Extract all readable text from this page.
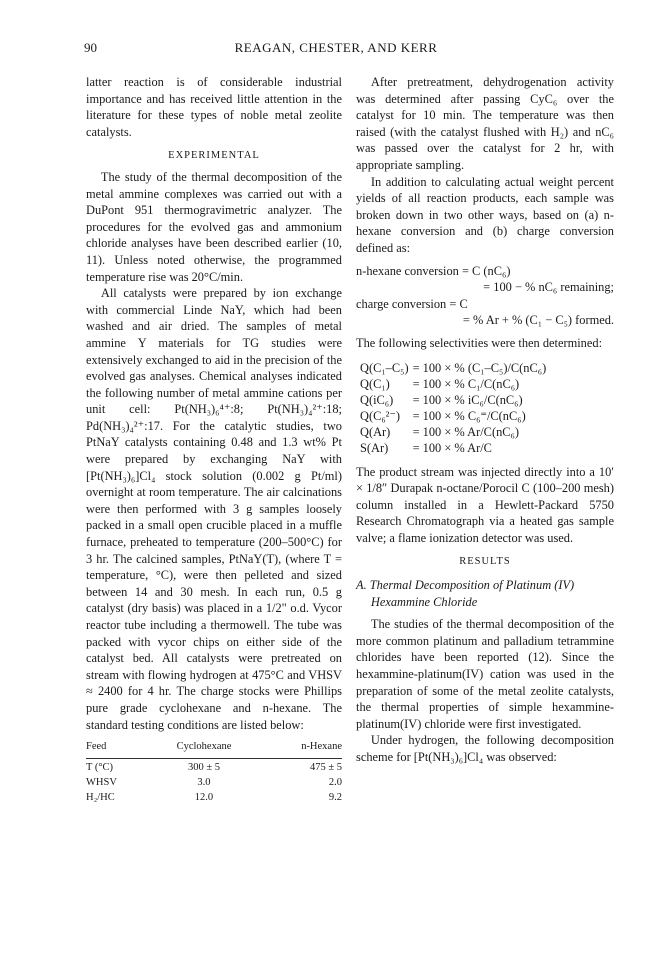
90	REAGAN, CHESTER, AND KERR

latter reaction is of considerable industrial importance and has received little attention in the literature for these types of noble metal zeolite catalysts.

EXPERIMENTAL

The study of the thermal decomposition of the metal ammine complexes was carried out with a DuPont 951 thermogravimetric analyzer. The procedures for the evolved gas and ammonium chloride analyses have been described earlier (10, 11). Unless noted otherwise, the programmed temperature rise was 20°C/min.

All catalysts were prepared by ion exchange with commercial Linde NaY, which had been washed and air dried. The samples of metal ammine Y materials for TG studies were extensively exchanged to aid in the precision of the evolved gas analyses. Chemical analyses indicated the following number of metal ammine cations per unit cell: Pt(NH₃)₆⁴⁺:8; Pt(NH₃)₄²⁺:18; Pd(NH₃)₄²⁺:17. For the catalytic studies, two PtNaY catalysts containing 0.48 and 1.3 wt% Pt were prepared by exchanging NaY with [Pt(NH₃)₆]Cl₄ stock solution (0.002 g Pt/ml) overnight at room temperature. The air calcinations were then performed with 3 g samples loosely packed in a small open crucible placed in a muffle furnace, preheated to temperature (200–500°C) for 3 hr. The calcined samples, PtNaY(T), (where T = temperature, °C), were then pelleted and sized between 14 and 30 mesh. In each run, 0.5 g catalyst (dry basis) was placed in a 1/2" o.d. Vycor reactor tube including a thermowell. The tube was packed with vycor chips on either side of the catalyst bed. All catalysts were pretreated on stream with flowing hydrogen at 475°C and VHSV ≈ 2400 for 4 hr. The charge stocks were Phillips pure grade cyclohexane and n-hexane. The standard testing conditions are listed below:

Feed	Cyclohexane	n-Hexane
T (°C)	300 ± 5	475 ± 5
WHSV	3.0	2.0
H₂/HC	12.0	9.2

After pretreatment, dehydrogenation activity was determined after passing CyC₆ over the catalyst for 10 min. The temperature was then raised (with the catalyst flushed with H₂) and nC₆ was passed over the catalyst for 2 hr, with appropriate sampling.

In addition to calculating actual weight percent yields of all reaction products, each sample was broken down in two other ways, based on (a) n-hexane conversion and (b) charge conversion defined as:

n-hexane conversion = C (nC₆)

= 100 − % nC₆ remaining;

charge conversion = C

= % Ar + % (C₁ − C₅) formed.

The following selectivities were then determined:

Q(C₁–C₅)	= 100 × % (C₁–C₅)/C(nC₆)
Q(C₁)	= 100 × % C₁/C(nC₆)
Q(iC₆)	= 100 × % iC₆/C(nC₆)
Q(C₆²⁻)	= 100 × % C₆⁼/C(nC₆)
Q(Ar)	= 100 × % Ar/C(nC₆)
S(Ar)	= 100 × % Ar/C

The product stream was injected directly into a 10′ × 1/8″ Durapak n-octane/Porocil C (100–200 mesh) column installed in a Hewlett-Packard 5750 Research Chromatograph via a heated gas sample valve; a flame ionization detector was used.

RESULTS

A. Thermal Decomposition of Platinum (IV) Hexammine Chloride

The studies of the thermal decomposition of the more common platinum and palladium tetrammine chlorides have been reported (12). Since the hexammine-platinum(IV) cation was used in the preparation of some of the metal zeolite catalysts, the thermal properties of simple hexammine-platinum(IV) chloride were first investigated.

Under hydrogen, the following decomposition scheme for [Pt(NH₃)₆]Cl₄ was observed:
